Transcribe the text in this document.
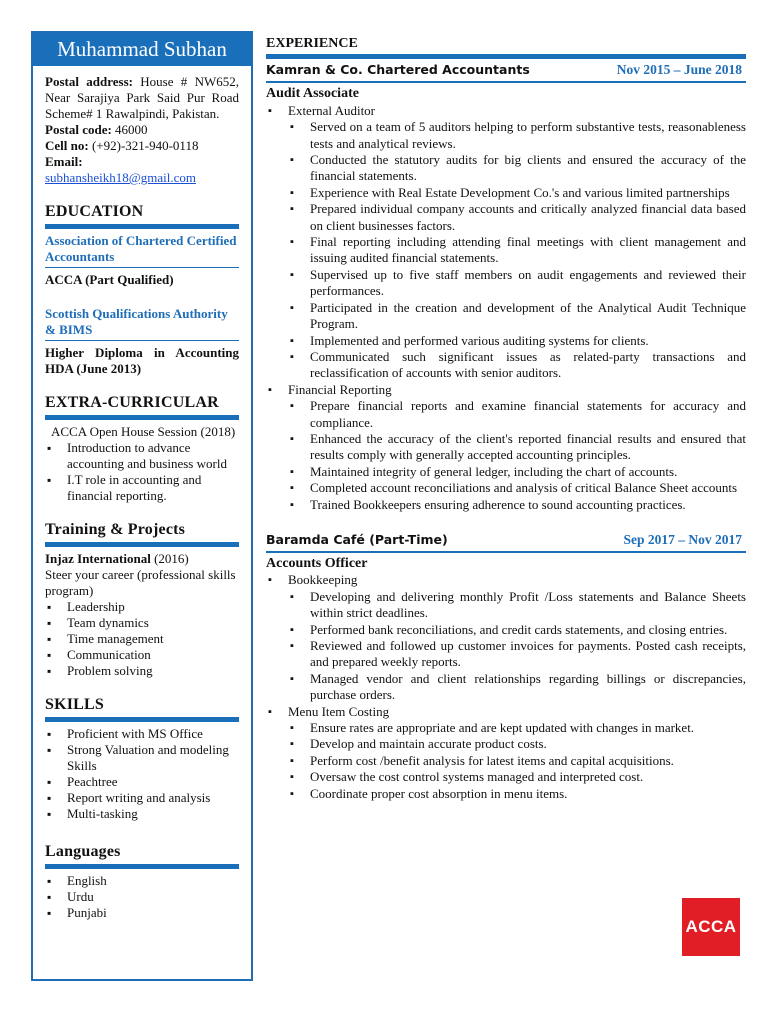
Muhammad Subhan
Postal address: House # NW652, Near Sarajiya Park Said Pur Road Scheme# 1 Rawalpindi, Pakistan.
Postal code: 46000
Cell no: (+92)-321-940-0118
Email:
subhansheikh18@gmail.com
EDUCATION
Association of Chartered Certified Accountants
ACCA (Part Qualified)
Scottish Qualifications Authority & BIMS
Higher Diploma in Accounting HDA (June 2013)
EXTRA-CURRICULAR
ACCA Open House Session (2018)
▪ Introduction to advance accounting and business world
▪ I.T role in accounting and financial reporting.
Training & Projects
Injaz International (2016)
Steer your career (professional skills program)
▪ Leadership
▪ Team dynamics
▪ Time management
▪ Communication
▪ Problem solving
SKILLS
▪ Proficient with MS Office
▪ Strong Valuation and modeling Skills
▪ Peachtree
▪ Report writing and analysis
▪ Multi-tasking
Languages
▪ English
▪ Urdu
▪ Punjabi
EXPERIENCE
Kamran & Co. Chartered Accountants	Nov 2015 – June 2018
Audit Associate
▪ External Auditor
▪ Served on a team of 5 auditors helping to perform substantive tests, reasonableness tests and analytical reviews.
▪ Conducted the statutory audits for big clients and ensured the accuracy of the financial statements.
▪ Experience with Real Estate Development Co.'s and various limited partnerships
▪ Prepared individual company accounts and critically analyzed financial data based on client businesses factors.
▪ Final reporting including attending final meetings with client management and issuing audited financial statements.
▪ Supervised up to five staff members on audit engagements and reviewed their performances.
▪ Participated in the creation and development of the Analytical Audit Technique Program.
▪ Implemented and performed various auditing systems for clients.
▪ Communicated such significant issues as related-party transactions and reclassification of accounts with senior auditors.
▪ Financial Reporting
▪ Prepare financial reports and examine financial statements for accuracy and compliance.
▪ Enhanced the accuracy of the client's reported financial results and ensured that results comply with generally accepted accounting principles.
▪ Maintained integrity of general ledger, including the chart of accounts.
▪ Completed account reconciliations and analysis of critical Balance Sheet accounts
▪ Trained Bookkeepers ensuring adherence to sound accounting practices.
Baramda Café (Part-Time)	Sep 2017 – Nov 2017
Accounts Officer
▪ Bookkeeping
▪ Developing and delivering monthly Profit /Loss statements and Balance Sheets within strict deadlines.
▪ Performed bank reconciliations, and credit cards statements, and closing entries.
▪ Reviewed and followed up customer invoices for payments. Posted cash receipts, and prepared weekly reports.
▪ Managed vendor and client relationships regarding billings or discrepancies, purchase orders.
▪ Menu Item Costing
▪ Ensure rates are appropriate and are kept updated with changes in market.
▪ Develop and maintain accurate product costs.
▪ Perform cost /benefit analysis for latest items and capital acquisitions.
▪ Oversaw the cost control systems managed and interpreted cost.
▪ Coordinate proper cost absorption in menu items.
ACCA
